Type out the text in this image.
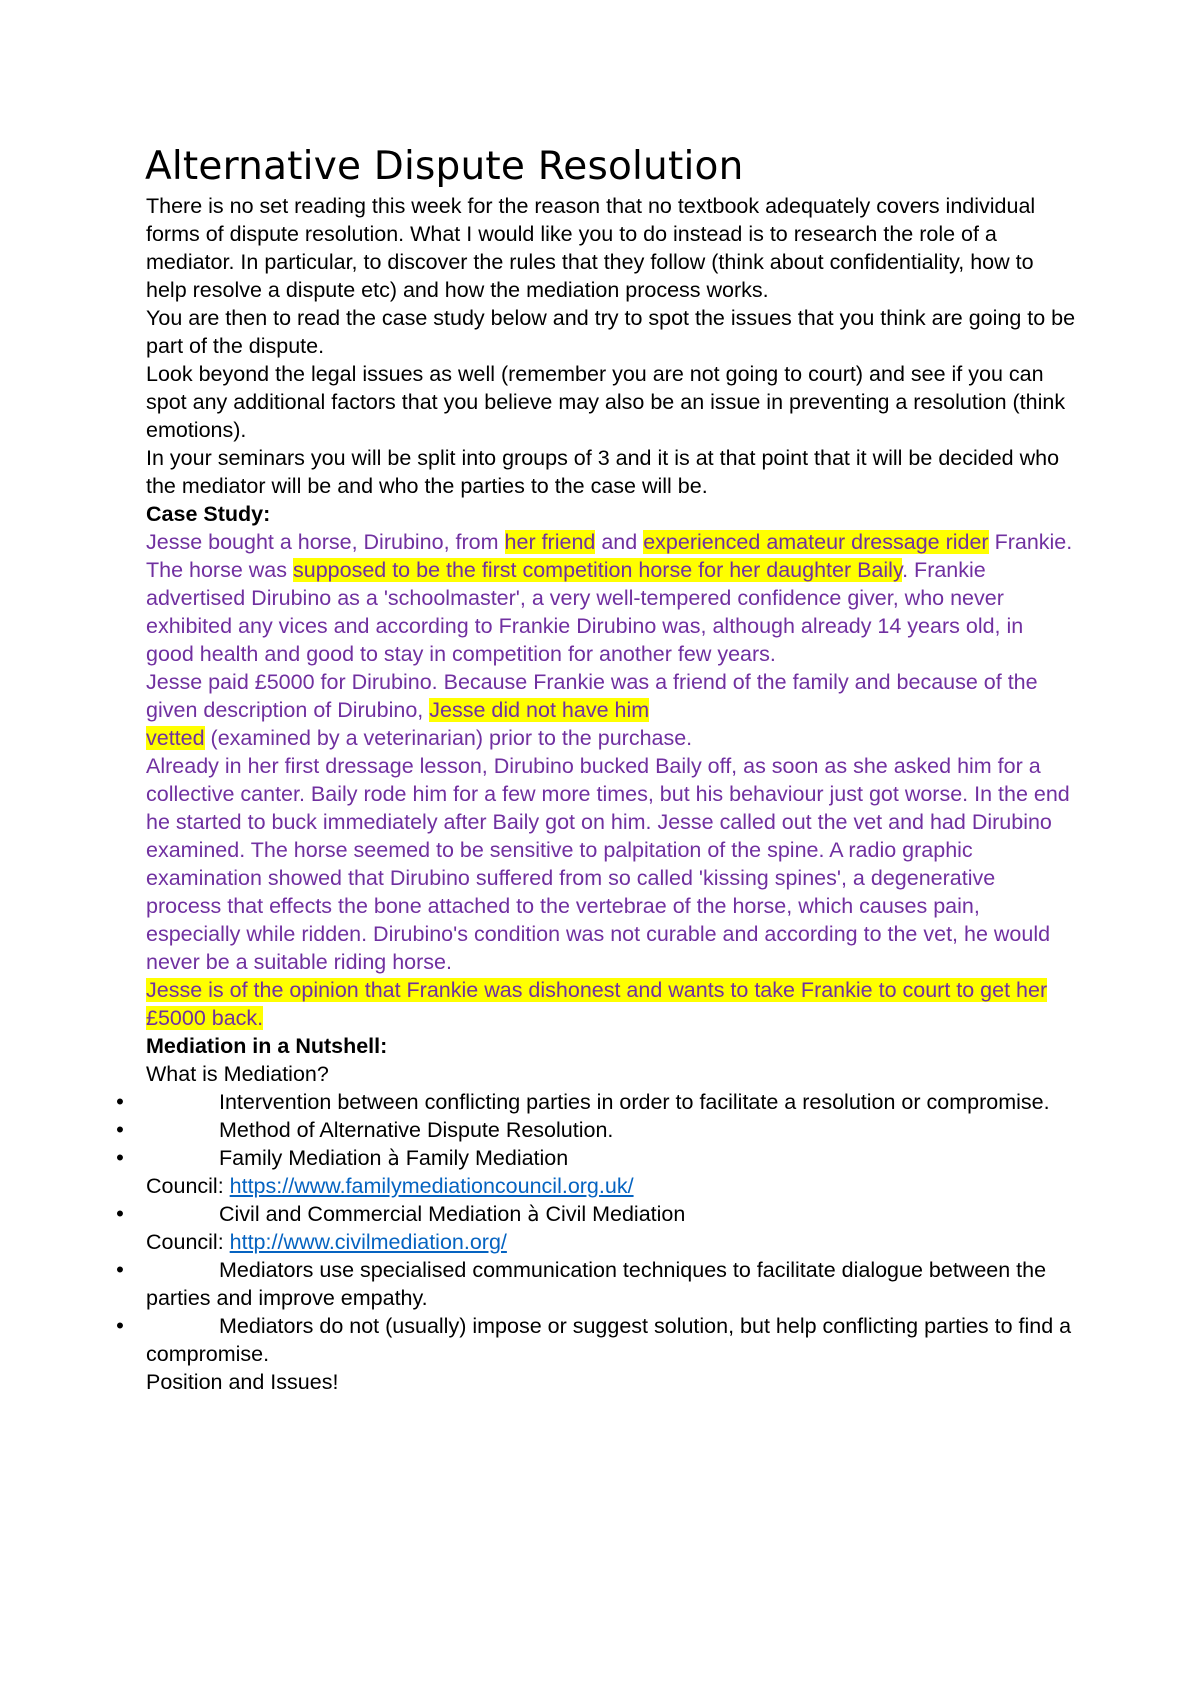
Alternative Dispute Resolution

There is no set reading this week for the reason that no textbook adequately covers individual forms of dispute resolution. What I would like you to do instead is to research the role of a mediator. In particular, to discover the rules that they follow (think about confidentiality, how to help resolve a dispute etc) and how the mediation process works.

You are then to read the case study below and try to spot the issues that you think are going to be part of the dispute.

Look beyond the legal issues as well (remember you are not going to court) and see if you can spot any additional factors that you believe may also be an issue in preventing a resolution (think emotions).

In your seminars you will be split into groups of 3 and it is at that point that it will be decided who the mediator will be and who the parties to the case will be.

Case Study:

Jesse bought a horse, Dirubino, from her friend and experienced amateur dressage rider Frankie. The horse was supposed to be the first competition horse for her daughter Baily. Frankie advertised Dirubino as a 'schoolmaster', a very well-tempered confidence giver, who never exhibited any vices and according to Frankie Dirubino was, although already 14 years old, in good health and good to stay in competition for another few years.

Jesse paid £5000 for Dirubino. Because Frankie was a friend of the family and because of the given description of Dirubino, Jesse did not have him
vetted (examined by a veterinarian) prior to the purchase.

Already in her first dressage lesson, Dirubino bucked Baily off, as soon as she asked him for a collective canter. Baily rode him for a few more times, but his behaviour just got worse. In the end he started to buck immediately after Baily got on him. Jesse called out the vet and had Dirubino examined. The horse seemed to be sensitive to palpitation of the spine. A radio graphic examination showed that Dirubino suffered from so called 'kissing spines', a degenerative process that effects the bone attached to the vertebrae of the horse, which causes pain, especially while ridden. Dirubino's condition was not curable and according to the vet, he would never be a suitable riding horse.

Jesse is of the opinion that Frankie was dishonest and wants to take Frankie to court to get her £5000 back.

Mediation in a Nutshell:

What is Mediation?

•	Intervention between conflicting parties in order to facilitate a resolution or compromise.

•	Method of Alternative Dispute Resolution.

•	Family Mediation à Family Mediation
Council: https://www.familymediationcouncil.org.uk/

•	Civil and Commercial Mediation à Civil Mediation
Council: http://www.civilmediation.org/

•	Mediators use specialised communication techniques to facilitate dialogue between the parties and improve empathy.

•	Mediators do not (usually) impose or suggest solution, but help conflicting parties to find a compromise.

Position and Issues!
